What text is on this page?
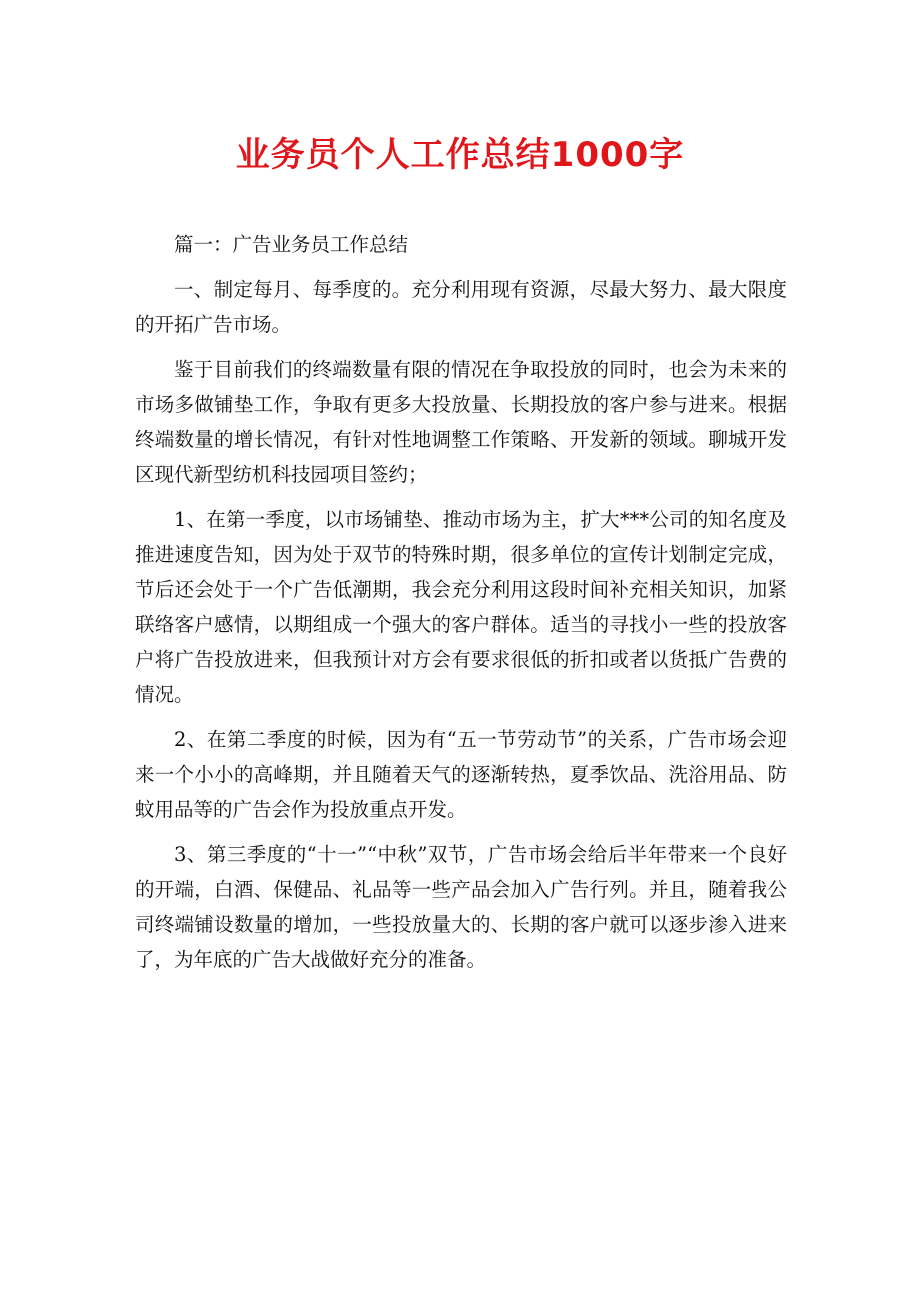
业务员个人工作总结1000字

篇一：广告业务员工作总结

一、制定每月、每季度的。充分利用现有资源，尽最大努力、最大限度的开拓广告市场。

鉴于目前我们的终端数量有限的情况在争取投放的同时，也会为未来的市场多做铺垫工作，争取有更多大投放量、长期投放的客户参与进来。根据终端数量的增长情况，有针对性地调整工作策略、开发新的领域。聊城开发区现代新型纺机科技园项目签约；

1、在第一季度，以市场铺垫、推动市场为主，扩大***公司的知名度及推进速度告知，因为处于双节的特殊时期，很多单位的宣传计划制定完成，节后还会处于一个广告低潮期，我会充分利用这段时间补充相关知识，加紧联络客户感情，以期组成一个强大的客户群体。适当的寻找小一些的投放客户将广告投放进来，但我预计对方会有要求很低的折扣或者以货抵广告费的情况。

2、在第二季度的时候，因为有“五一节劳动节”的关系，广告市场会迎来一个小小的高峰期，并且随着天气的逐渐转热，夏季饮品、洗浴用品、防蚊用品等的广告会作为投放重点开发。

3、第三季度的“十一”“中秋”双节，广告市场会给后半年带来一个良好的开端，白酒、保健品、礼品等一些产品会加入广告行列。并且，随着我公司终端铺设数量的增加，一些投放量大的、长期的客户就可以逐步渗入进来了，为年底的广告大战做好充分的准备。
